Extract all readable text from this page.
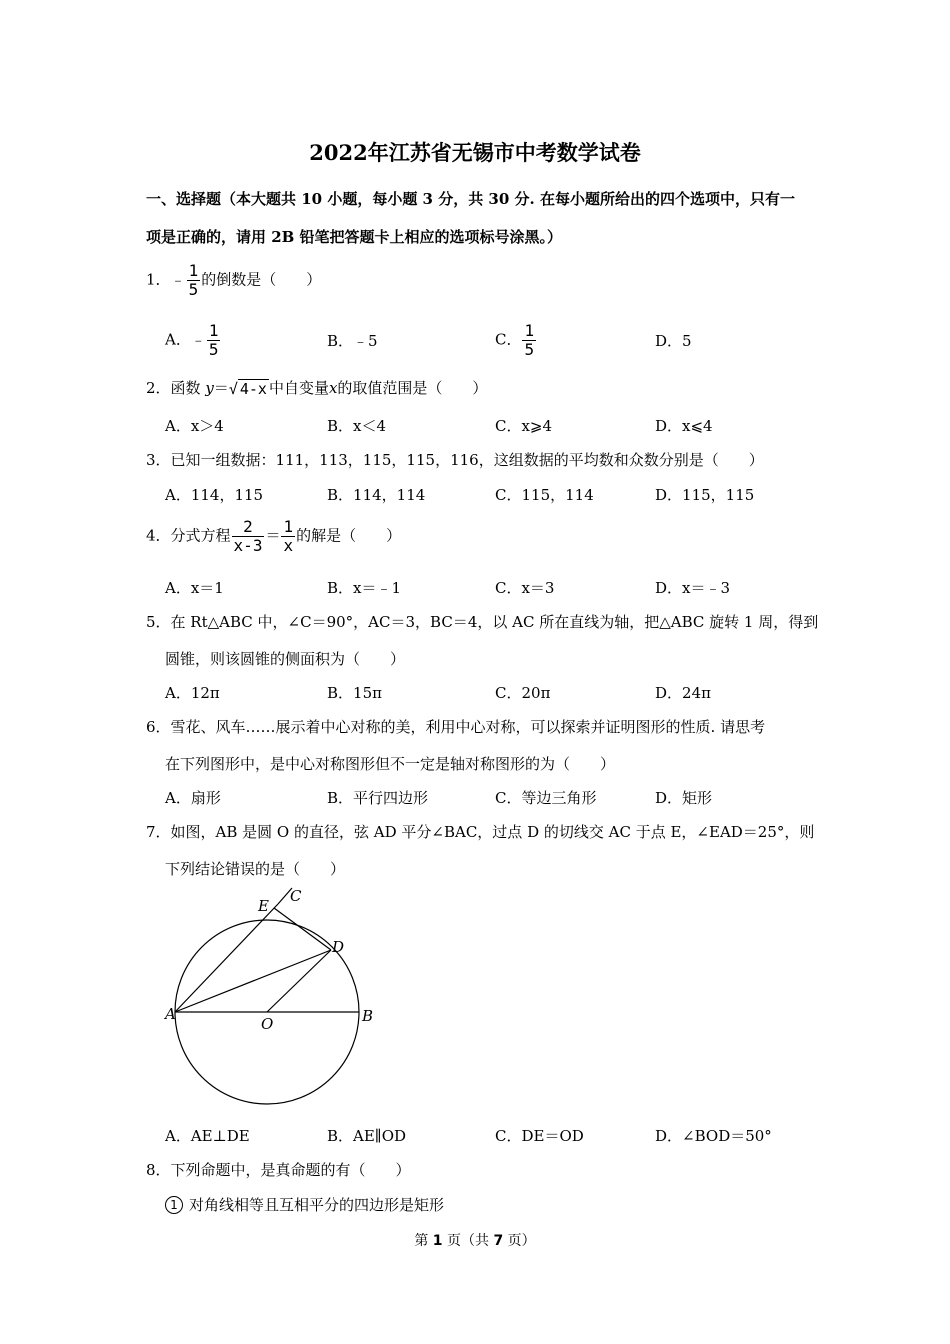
2022年江苏省无锡市中考数学试卷
一、选择题（本大题共 10 小题，每小题 3 分，共 30 分. 在每小题所给出的四个选项中，只有一
项是正确的，请用 2B 铅笔把答题卡上相应的选项标号涂黑。）
1．﹣ $\frac{1}{5}$ 的倒数是（　　）
A．﹣ $\frac{1}{5}$	B．﹣5	C． $\frac{1}{5}$	D．5
2．函数 y＝√ 4-x 中自变量x的取值范围是（　　）
A．x＞4	B．x＜4	C．x⩾4	D．x⩽4
3．已知一组数据：111，113，115，115，116，这组数据的平均数和众数分别是（　　）
A．114，115	B．114，114	C．115，114	D．115，115
4．分式方程 $\frac{2}{x-3} = \frac{1}{x}$ 的解是（　　）
A．x＝1	B．x＝﹣1	C．x＝3	D．x＝﹣3
5．在 Rt△ABC 中，∠C＝90°，AC＝3，BC＝4，以 AC 所在直线为轴，把△ABC 旋转 1 周，得到
圆锥，则该圆锥的侧面积为（　　）
A．12π	B．15π	C．20π	D．24π
6．雪花、风车……展示着中心对称的美，利用中心对称，可以探索并证明图形的性质. 请思考
在下列图形中，是中心对称图形但不一定是轴对称图形的为（　　）
A．扇形	B．平行四边形	C．等边三角形	D．矩形
7．如图，AB 是圆 O 的直径，弦 AD 平分∠BAC，过点 D 的切线交 AC 于点 E，∠EAD＝25°，则
下列结论错误的是（　　）
A	B
C
D
E
O
A．AE⊥DE	B．AE∥OD	C．DE＝OD	D．∠BOD＝50°
8．下列命题中，是真命题的有（　　）
1 对角线相等且互相平分的四边形是矩形
第 1 页（共 7 页）
